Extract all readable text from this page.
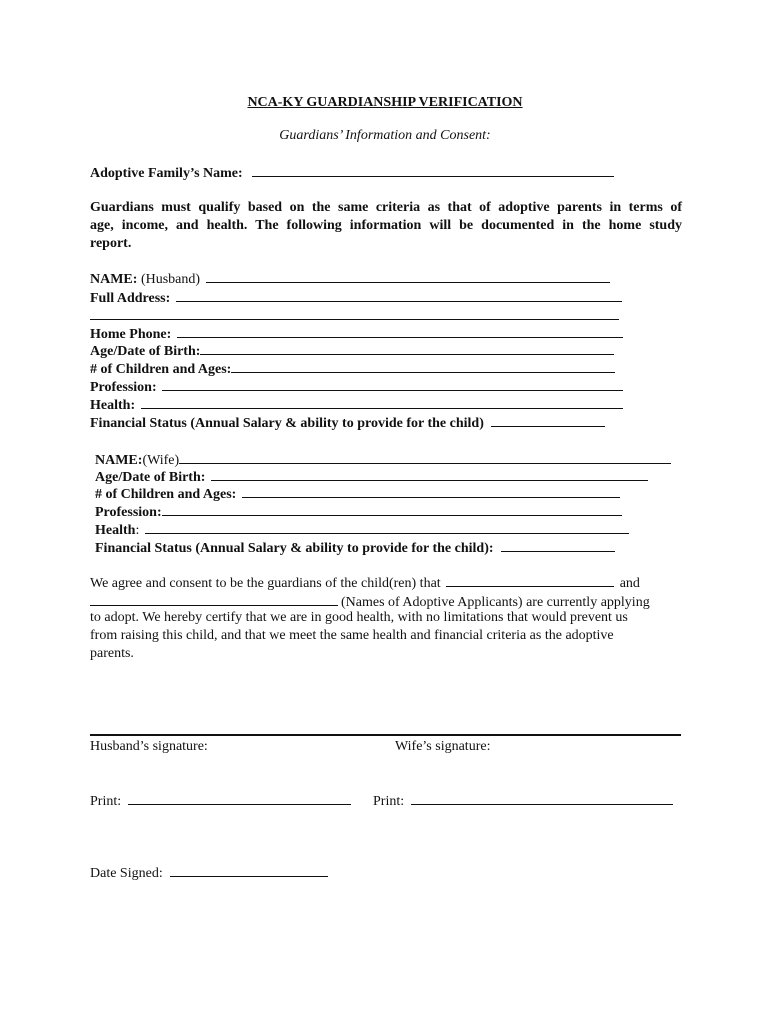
NCA-KY GUARDIANSHIP VERIFICATION
Guardians’ Information and Consent:
Adoptive Family’s Name:
Guardians must qualify based on the same criteria as that of adoptive parents in terms of
age, income, and health. The following information will be documented in the home study
report.
NAME: (Husband)
Full Address:
Home Phone:
Age/Date of Birth:
# of Children and Ages:
Profession:
Health:
Financial Status (Annual Salary & ability to provide for the child)
NAME:(Wife)
Age/Date of Birth:
# of Children and Ages:
Profession:
Health:
Financial Status (Annual Salary & ability to provide for the child):
We agree and consent to be the guardians of the child(ren) that	and
(Names of Adoptive Applicants) are currently applying
to adopt. We hereby certify that we are in good health, with no limitations that would prevent us
from raising this child, and that we meet the same health and financial criteria as the adoptive
parents.
Husband’s signature:	Wife’s signature:
Print:	Print:
Date Signed:
